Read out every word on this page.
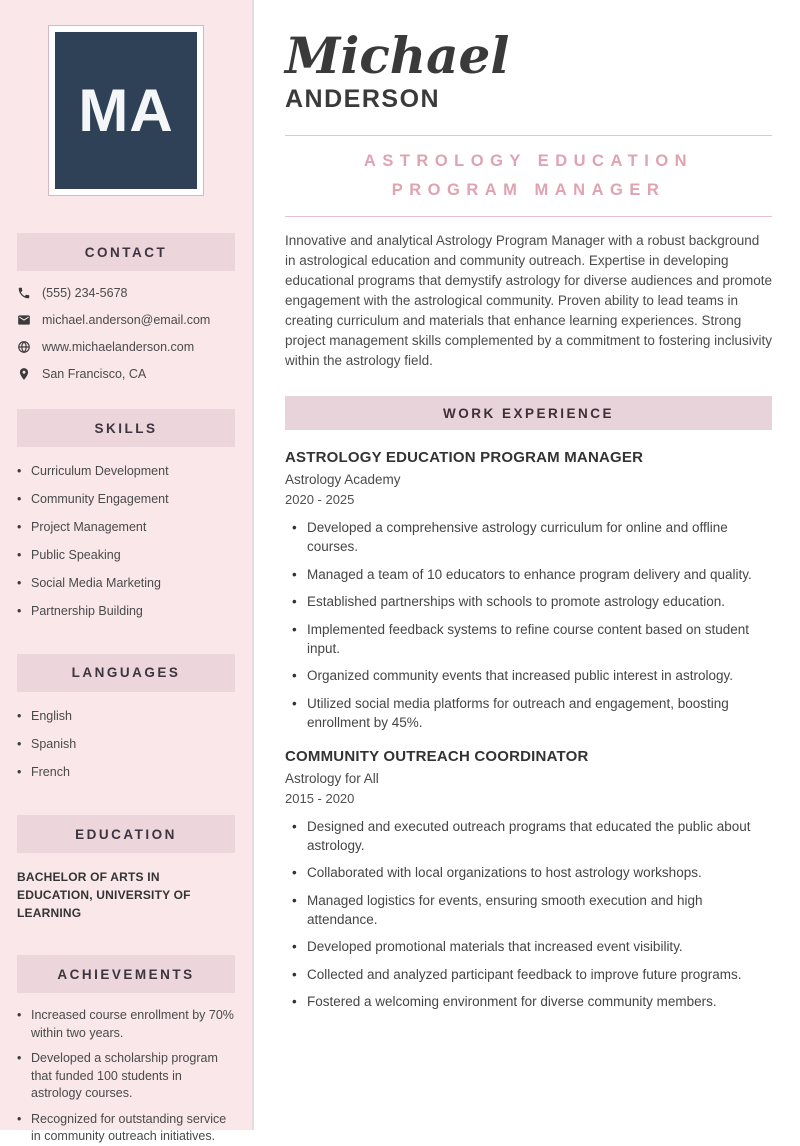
MA
CONTACT
(555) 234-5678
michael.anderson@email.com
www.michaelanderson.com
San Francisco, CA
SKILLS
• Curriculum Development
• Community Engagement
• Project Management
• Public Speaking
• Social Media Marketing
• Partnership Building
LANGUAGES
• English
• Spanish
• French
EDUCATION

BACHELOR OF ARTS IN EDUCATION, UNIVERSITY OF LEARNING

ACHIEVEMENTS
• Increased course enrollment by 70% within two years.
• Developed a scholarship program that funded 100 students in astrology courses.
• Recognized for outstanding service in community outreach initiatives.
Michael
ANDERSON
ASTROLOGY EDUCATION PROGRAM MANAGER

Innovative and analytical Astrology Program Manager with a robust background in astrological education and community outreach. Expertise in developing educational programs that demystify astrology for diverse audiences and promote engagement with the astrological community. Proven ability to lead teams in creating curriculum and materials that enhance learning experiences. Strong project management skills complemented by a commitment to fostering inclusivity within the astrology field.

WORK EXPERIENCE
ASTROLOGY EDUCATION PROGRAM MANAGER
Astrology Academy
2020 - 2025
• Developed a comprehensive astrology curriculum for online and offline courses.
• Managed a team of 10 educators to enhance program delivery and quality.
• Established partnerships with schools to promote astrology education.
• Implemented feedback systems to refine course content based on student input.
• Organized community events that increased public interest in astrology.
• Utilized social media platforms for outreach and engagement, boosting enrollment by 45%.
COMMUNITY OUTREACH COORDINATOR
Astrology for All
2015 - 2020
• Designed and executed outreach programs that educated the public about astrology.
• Collaborated with local organizations to host astrology workshops.
• Managed logistics for events, ensuring smooth execution and high attendance.
• Developed promotional materials that increased event visibility.
• Collected and analyzed participant feedback to improve future programs.
• Fostered a welcoming environment for diverse community members.
